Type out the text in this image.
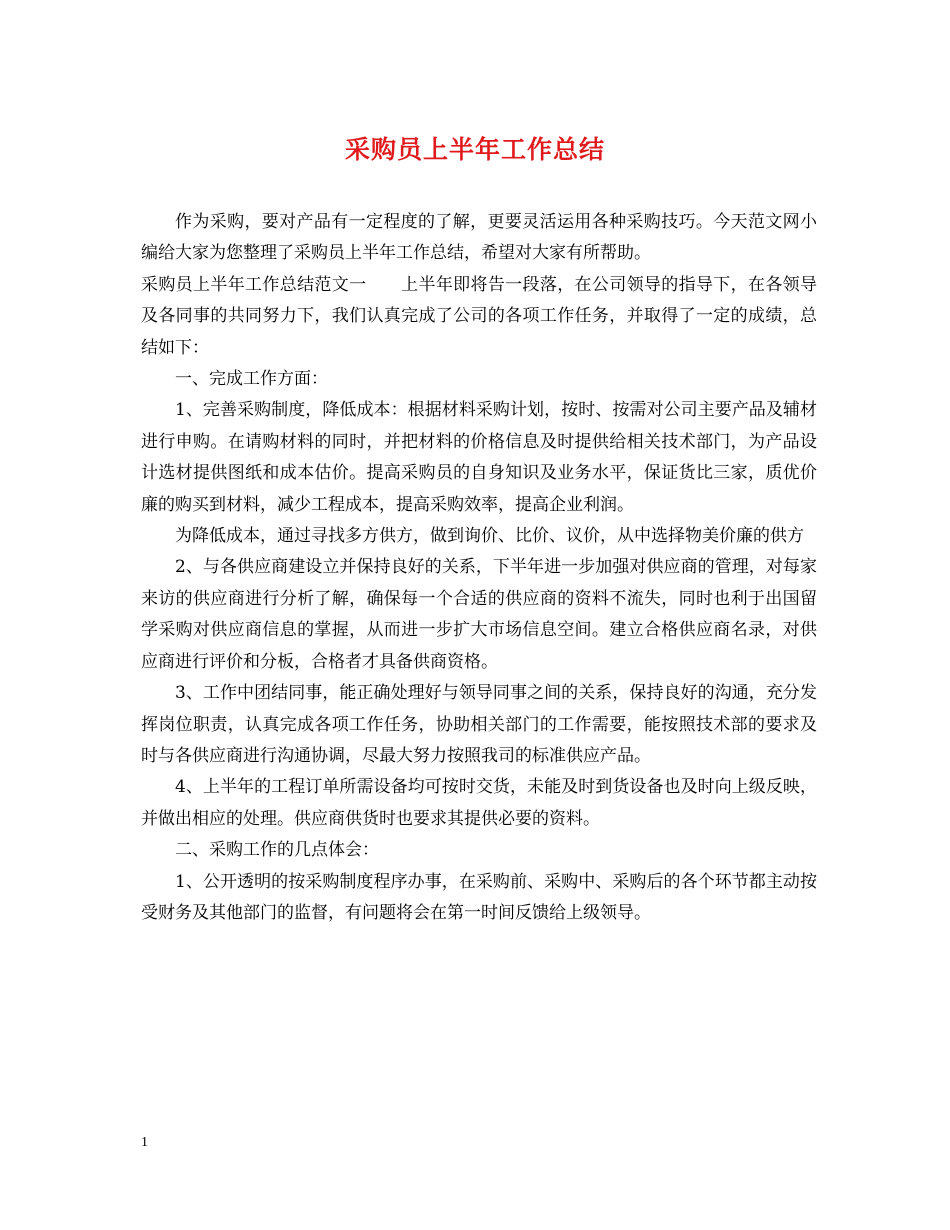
采购员上半年工作总结

作为采购，要对产品有一定程度的了解，更要灵活运用各种采购技巧。今天范文网小编给大家为您整理了采购员上半年工作总结，希望对大家有所帮助。

采购员上半年工作总结范文一　　上半年即将告一段落，在公司领导的指导下，在各领导及各同事的共同努力下，我们认真完成了公司的各项工作任务，并取得了一定的成绩，总结如下：

一、完成工作方面：

1、完善采购制度，降低成本：根据材料采购计划，按时、按需对公司主要产品及辅材进行申购。在请购材料的同时，并把材料的价格信息及时提供给相关技术部门，为产品设计选材提供图纸和成本估价。提高采购员的自身知识及业务水平，保证货比三家，质优价廉的购买到材料，减少工程成本，提高采购效率，提高企业利润。

为降低成本，通过寻找多方供方，做到询价、比价、议价，从中选择物美价廉的供方

2、与各供应商建设立并保持良好的关系，下半年进一步加强对供应商的管理，对每家来访的供应商进行分析了解，确保每一个合适的供应商的资料不流失，同时也利于出国留学采购对供应商信息的掌握，从而进一步扩大市场信息空间。建立合格供应商名录，对供应商进行评价和分板，合格者才具备供商资格。

3、工作中团结同事，能正确处理好与领导同事之间的关系，保持良好的沟通，充分发挥岗位职责，认真完成各项工作任务，协助相关部门的工作需要，能按照技术部的要求及时与各供应商进行沟通协调，尽最大努力按照我司的标准供应产品。

4、上半年的工程订单所需设备均可按时交货，未能及时到货设备也及时向上级反映，并做出相应的处理。供应商供货时也要求其提供必要的资料。

二、采购工作的几点体会：

1、公开透明的按采购制度程序办事，在采购前、采购中、采购后的各个环节都主动按受财务及其他部门的监督，有问题将会在第一时间反馈给上级领导。

1
